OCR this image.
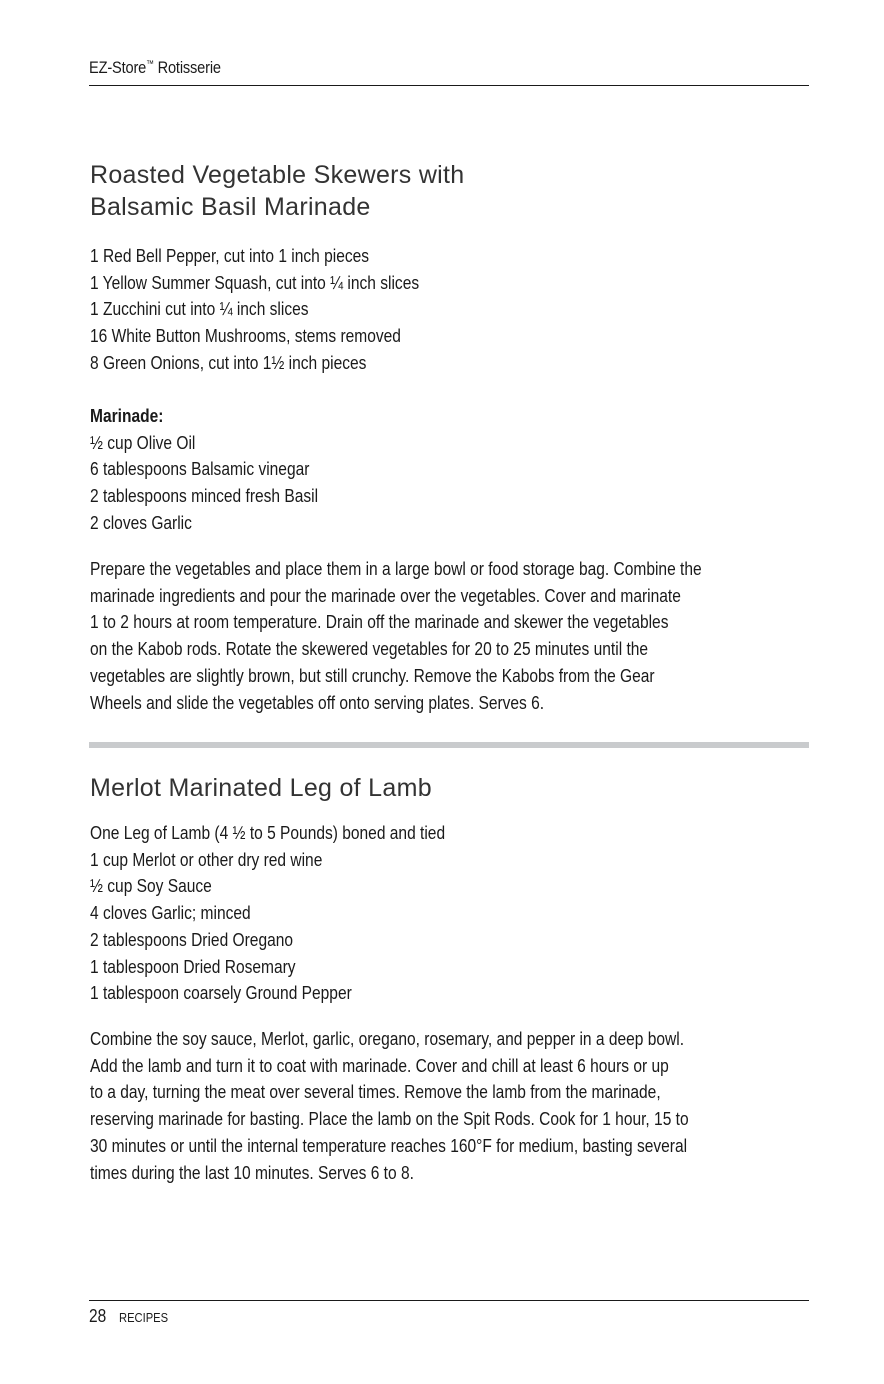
EZ-Store™ Rotisserie
Roasted Vegetable Skewers with
Balsamic Basil Marinade
1 Red Bell Pepper, cut into 1 inch pieces
1 Yellow Summer Squash, cut into ¼ inch slices
1 Zucchini cut into ¼ inch slices
16 White Button Mushrooms, stems removed
8 Green Onions, cut into 1½ inch pieces
Marinade:
½ cup Olive Oil
6 tablespoons Balsamic vinegar
2 tablespoons minced fresh Basil
2 cloves Garlic
Prepare the vegetables and place them in a large bowl or food storage bag. Combine the
marinade ingredients and pour the marinade over the vegetables. Cover and marinate
1 to 2 hours at room temperature. Drain off the marinade and skewer the vegetables
on the Kabob rods. Rotate the skewered vegetables for 20 to 25 minutes until the
vegetables are slightly brown, but still crunchy. Remove the Kabobs from the Gear
Wheels and slide the vegetables off onto serving plates. Serves 6.
Merlot Marinated Leg of Lamb
One Leg of Lamb (4 ½ to 5 Pounds) boned and tied
1 cup Merlot or other dry red wine
½ cup Soy Sauce
4 cloves Garlic; minced
2 tablespoons Dried Oregano
1 tablespoon Dried Rosemary
1 tablespoon coarsely Ground Pepper
Combine the soy sauce, Merlot, garlic, oregano, rosemary, and pepper in a deep bowl.
Add the lamb and turn it to coat with marinade. Cover and chill at least 6 hours or up
to a day, turning the meat over several times. Remove the lamb from the marinade,
reserving marinade for basting. Place the lamb on the Spit Rods. Cook for 1 hour, 15 to
30 minutes or until the internal temperature reaches 160°F for medium, basting several
times during the last 10 minutes. Serves 6 to 8.
28 RECIPES
